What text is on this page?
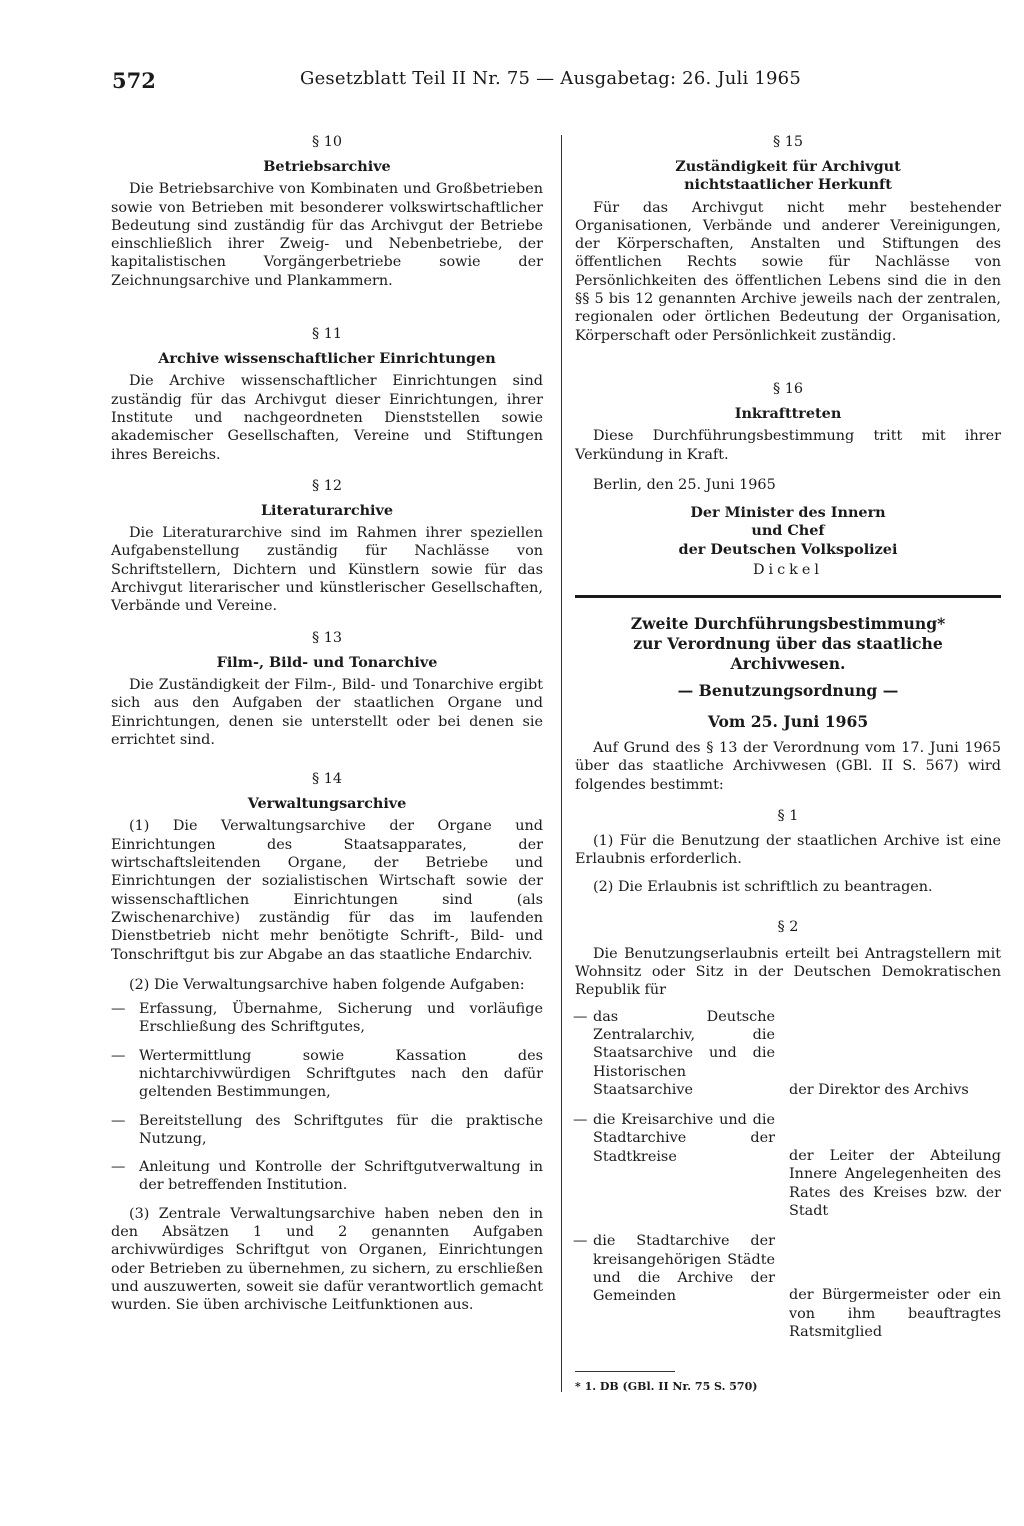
572	Gesetzblatt Teil II Nr. 75 — Ausgabetag: 26. Juli 1965

§ 10

Betriebsarchive

Die Betriebsarchive von Kombinaten und Großbetrieben sowie von Betrieben mit besonderer volkswirtschaftlicher Bedeutung sind zuständig für das Archivgut der Betriebe einschließlich ihrer Zweig- und Nebenbetriebe, der kapitalistischen Vorgängerbetriebe sowie der Zeichnungsarchive und Plankammern.

§ 11

Archive wissenschaftlicher Einrichtungen

Die Archive wissenschaftlicher Einrichtungen sind zuständig für das Archivgut dieser Einrichtungen, ihrer Institute und nachgeordneten Dienststellen sowie akademischer Gesellschaften, Vereine und Stiftungen ihres Bereichs.

§ 12

Literaturarchive

Die Literaturarchive sind im Rahmen ihrer speziellen Aufgabenstellung zuständig für Nachlässe von Schriftstellern, Dichtern und Künstlern sowie für das Archivgut literarischer und künstlerischer Gesellschaften, Verbände und Vereine.

§ 13

Film-, Bild- und Tonarchive

Die Zuständigkeit der Film-, Bild- und Tonarchive ergibt sich aus den Aufgaben der staatlichen Organe und Einrichtungen, denen sie unterstellt oder bei denen sie errichtet sind.

§ 14

Verwaltungsarchive

(1) Die Verwaltungsarchive der Organe und Einrichtungen des Staatsapparates, der wirtschaftsleitenden Organe, der Betriebe und Einrichtungen der sozialistischen Wirtschaft sowie der wissenschaftlichen Einrichtungen sind (als Zwischenarchive) zuständig für das im laufenden Dienstbetrieb nicht mehr benötigte Schrift-, Bild- und Tonschriftgut bis zur Abgabe an das staatliche Endarchiv.

(2) Die Verwaltungsarchive haben folgende Aufgaben:

— Erfassung, Übernahme, Sicherung und vorläufige Erschließung des Schriftgutes,
— Wertermittlung sowie Kassation des nichtarchivwürdigen Schriftgutes nach den dafür geltenden Bestimmungen,
— Bereitstellung des Schriftgutes für die praktische Nutzung,
— Anleitung und Kontrolle der Schriftgutverwaltung in der betreffenden Institution.

(3) Zentrale Verwaltungsarchive haben neben den in den Absätzen 1 und 2 genannten Aufgaben archivwürdiges Schriftgut von Organen, Einrichtungen oder Betrieben zu übernehmen, zu sichern, zu erschließen und auszuwerten, soweit sie dafür verantwortlich gemacht wurden. Sie üben archivische Leitfunktionen aus.

§ 15

Zuständigkeit für Archivgut

nichtstaatlicher Herkunft

Für das Archivgut nicht mehr bestehender Organisationen, Verbände und anderer Vereinigungen, der Körperschaften, Anstalten und Stiftungen des öffentlichen Rechts sowie für Nachlässe von Persönlichkeiten des öffentlichen Lebens sind die in den §§ 5 bis 12 genannten Archive jeweils nach der zentralen, regionalen oder örtlichen Bedeutung der Organisation, Körperschaft oder Persönlichkeit zuständig.

§ 16

Inkrafttreten

Diese Durchführungsbestimmung tritt mit ihrer Verkündung in Kraft.

Berlin, den 25. Juni 1965

Der Minister des Innern
und Chef
der Deutschen Volkspolizei
Dickel

Zweite Durchführungsbestimmung*

zur Verordnung über das staatliche Archivwesen.

— Benutzungsordnung —

Vom 25. Juni 1965

Auf Grund des § 13 der Verordnung vom 17. Juni 1965 über das staatliche Archivwesen (GBl. II S. 567) wird folgendes bestimmt:

§ 1

(1) Für die Benutzung der staatlichen Archive ist eine Erlaubnis erforderlich.

(2) Die Erlaubnis ist schriftlich zu beantragen.

§ 2

Die Benutzungserlaubnis erteilt bei Antragstellern mit Wohnsitz oder Sitz in der Deutschen Demokratischen Republik für

— das Deutsche Zentralarchiv, die Staatsarchive und die Historischen Staatsarchive	der Direktor des Archivs

— die Kreisarchive und die Stadtarchive der Stadtkreise	der Leiter der Abteilung Innere Angelegenheiten des Rates des Kreises bzw. der Stadt

— die Stadtarchive der kreisangehörigen Städte und die Archive der Gemeinden	der Bürgermeister oder ein von ihm beauftragtes Ratsmitglied
* 1. DB (GBl. II Nr. 75 S. 570)
